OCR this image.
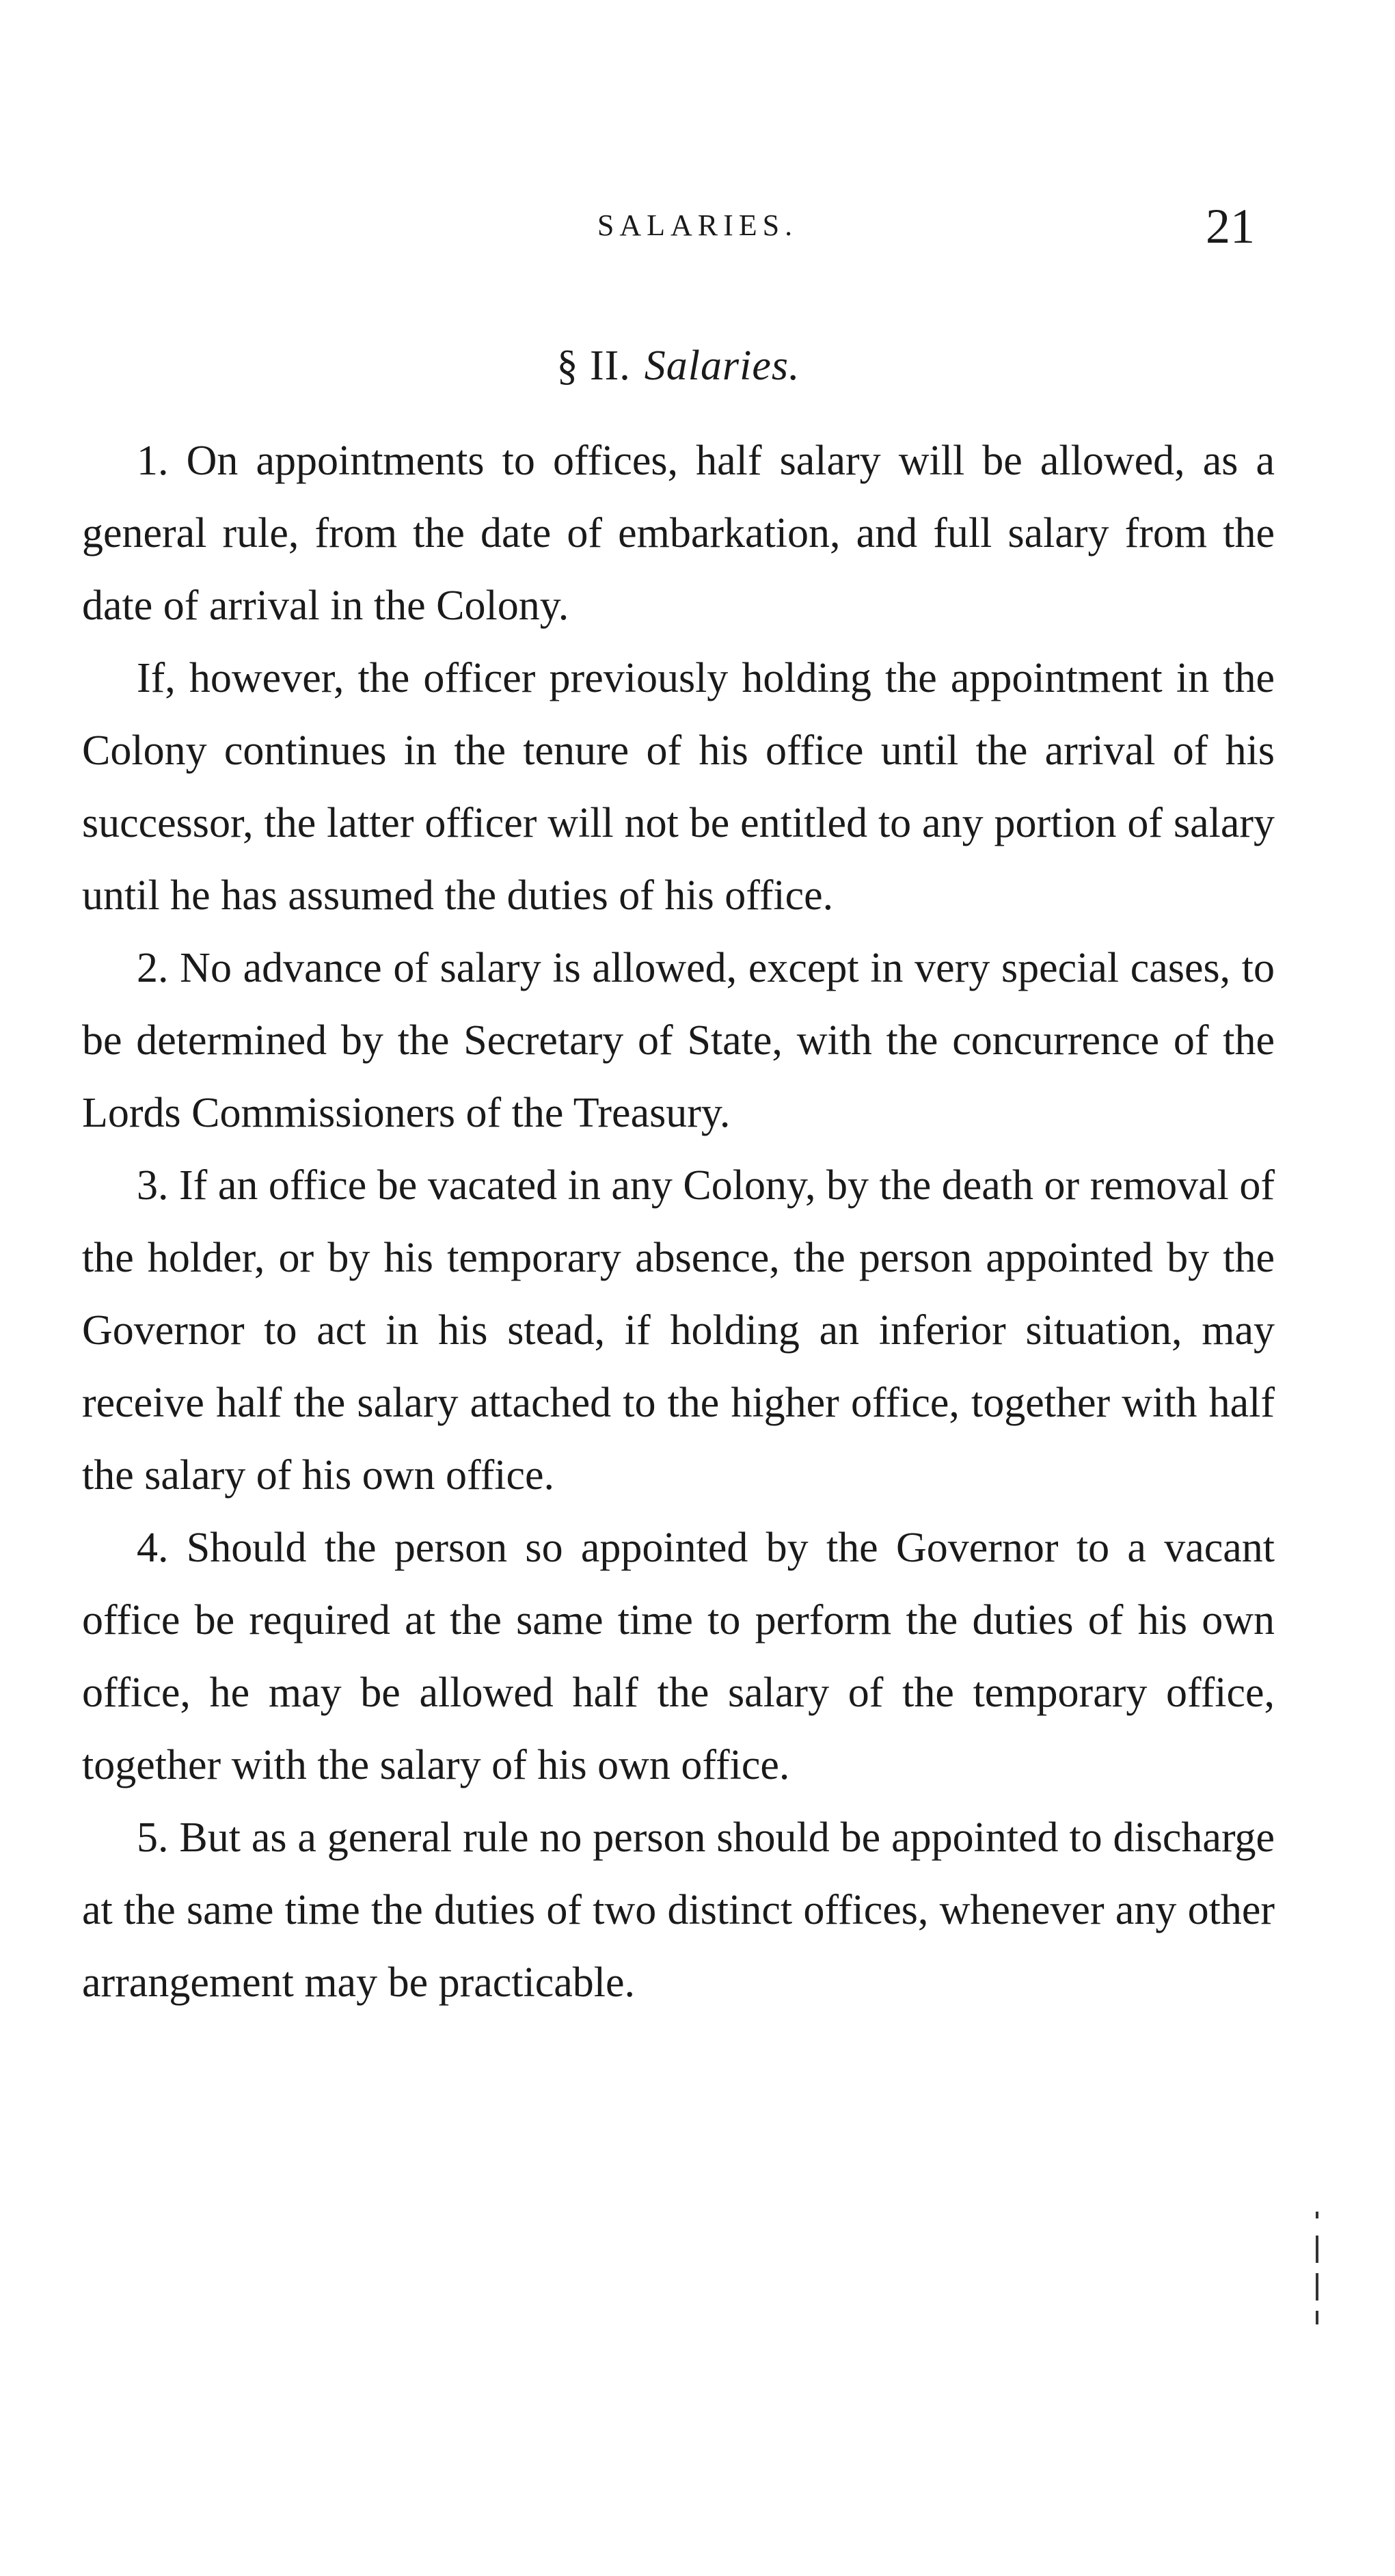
SALARIES.	21
§ II. Salaries.

1. On appointments to offices, half salary will be allowed, as a general rule, from the date of embarkation, and full salary from the date of arrival in the Colony.

If, however, the officer previously holding the appointment in the Colony continues in the tenure of his office until the arrival of his successor, the latter officer will not be entitled to any portion of salary until he has assumed the duties of his office.

2. No advance of salary is allowed, except in very special cases, to be determined by the Secretary of State, with the concurrence of the Lords Commissioners of the Treasury.

3. If an office be vacated in any Colony, by the death or removal of the holder, or by his temporary absence, the person appointed by the Governor to act in his stead, if holding an inferior situation, may receive half the salary attached to the higher office, together with half the salary of his own office.

4. Should the person so appointed by the Governor to a vacant office be required at the same time to perform the duties of his own office, he may be allowed half the salary of the temporary office, together with the salary of his own office.

5. But as a general rule no person should be appointed to discharge at the same time the duties of two distinct offices, whenever any other arrangement may be practicable.
